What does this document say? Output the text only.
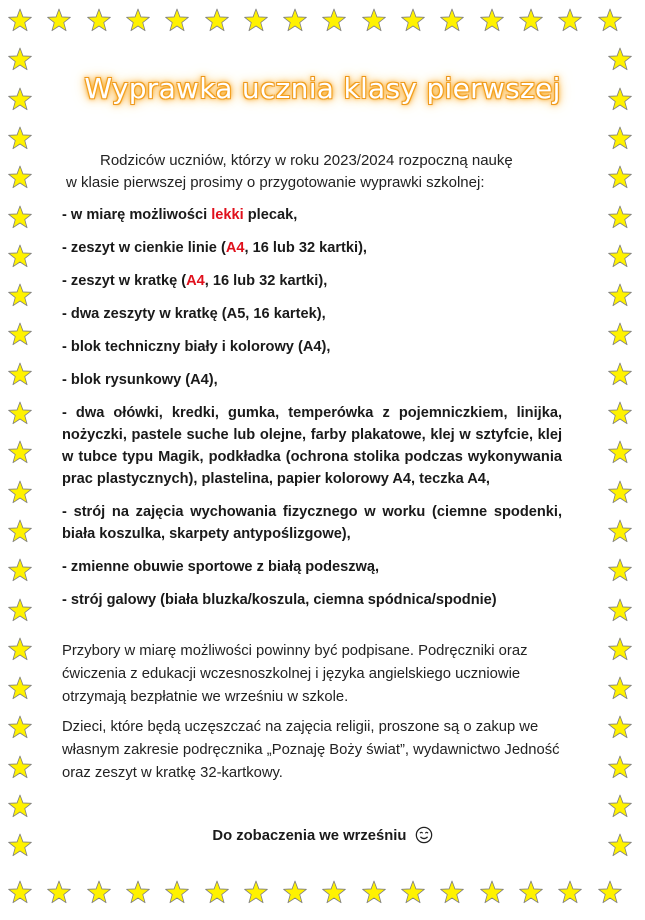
Wyprawka ucznia klasy pierwszej
Rodziców uczniów, którzy w roku 2023/2024 rozpoczną naukę
w klasie pierwszej prosimy o przygotowanie wyprawki szkolnej:
- w miarę możliwości lekki plecak,
- zeszyt w cienkie linie (A4, 16 lub 32 kartki),
- zeszyt w kratkę (A4, 16 lub 32 kartki),
- dwa zeszyty w kratkę (A5, 16 kartek),
- blok techniczny biały i kolorowy (A4),
- blok rysunkowy (A4),
- dwa ołówki, kredki, gumka, temperówka z pojemniczkiem, linijka, nożyczki, pastele suche lub olejne, farby plakatowe, klej w sztyfcie, klej w tubce typu Magik, podkładka (ochrona stolika podczas wykonywania prac plastycznych), plastelina, papier kolorowy A4, teczka A4,
- strój na zajęcia wychowania fizycznego w worku (ciemne spodenki, biała koszulka, skarpety antypoślizgowe),
- zmienne obuwie sportowe z białą podeszwą,
- strój galowy (biała bluzka/koszula, ciemna spódnica/spodnie)
Przybory w miarę możliwości powinny być podpisane. Podręczniki oraz ćwiczenia z edukacji wczesnoszkolnej i języka angielskiego uczniowie otrzymają bezpłatnie we wrześniu w szkole.
Dzieci, które będą uczęszczać na zajęcia religii, proszone są o zakup we własnym zakresie podręcznika „Poznaję Boży świat”, wydawnictwo Jedność oraz zeszyt w kratkę 32-kartkowy.
Do zobaczenia we wrześniu
